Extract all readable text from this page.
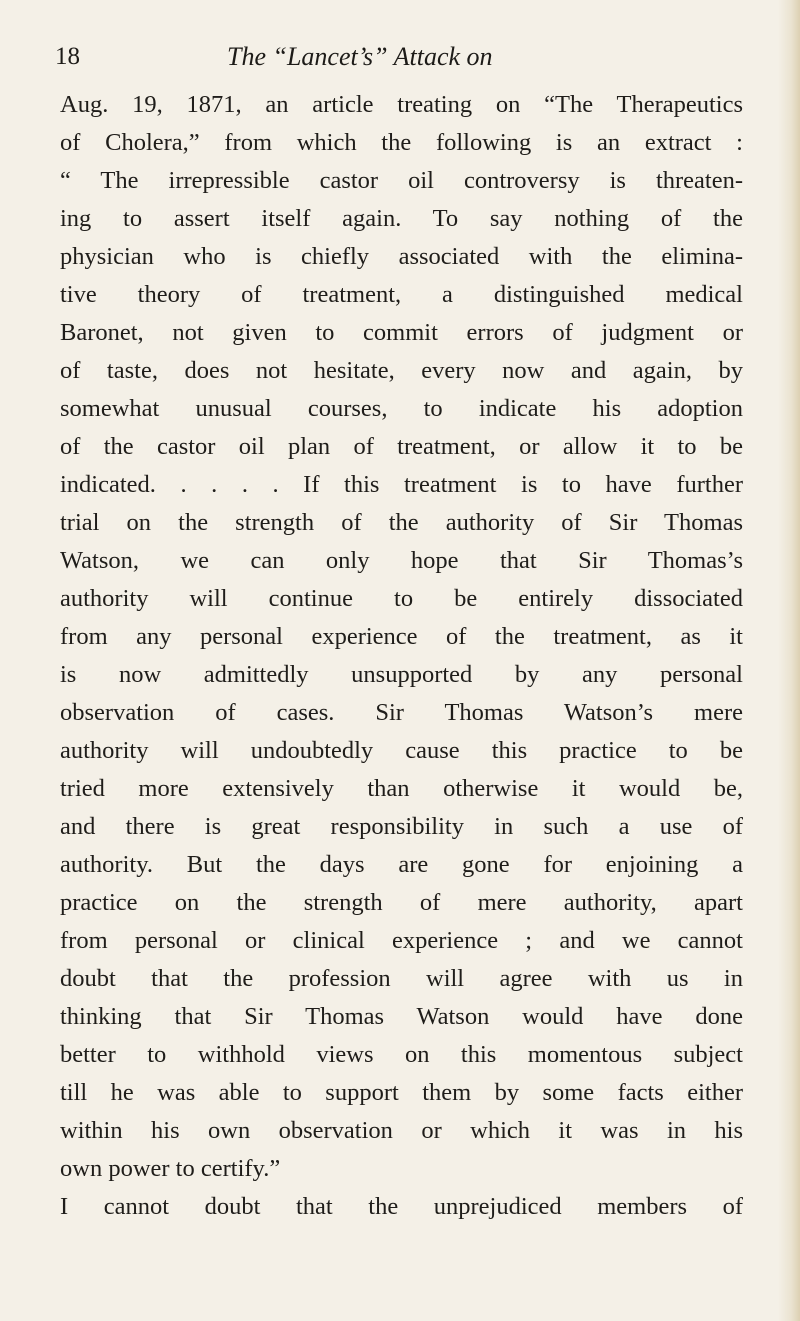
18	The “Lancet’s” Attack on
Aug. 19, 1871, an article treating on “The Therapeutics
of Cholera,” from which the following is an extract :
“ The irrepressible castor oil controversy is threaten-
ing to assert itself again. To say nothing of the
physician who is chiefly associated with the elimina-
tive theory of treatment, a distinguished medical
Baronet, not given to commit errors of judgment or
of taste, does not hesitate, every now and again, by
somewhat unusual courses, to indicate his adoption
of the castor oil plan of treatment, or allow it to be
indicated. . . . . If this treatment is to have further
trial on the strength of the authority of Sir Thomas
Watson, we can only hope that Sir Thomas’s
authority will continue to be entirely dissociated
from any personal experience of the treatment, as it
is now admittedly unsupported by any personal
observation of cases. Sir Thomas Watson’s mere
authority will undoubtedly cause this practice to be
tried more extensively than otherwise it would be,
and there is great responsibility in such a use of
authority. But the days are gone for enjoining a
practice on the strength of mere authority, apart
from personal or clinical experience ; and we cannot
doubt that the profession will agree with us in
thinking that Sir Thomas Watson would have done
better to withhold views on this momentous subject
till he was able to support them by some facts either
within his own observation or which it was in his
own power to certify.”
I cannot doubt that the unprejudiced members of
